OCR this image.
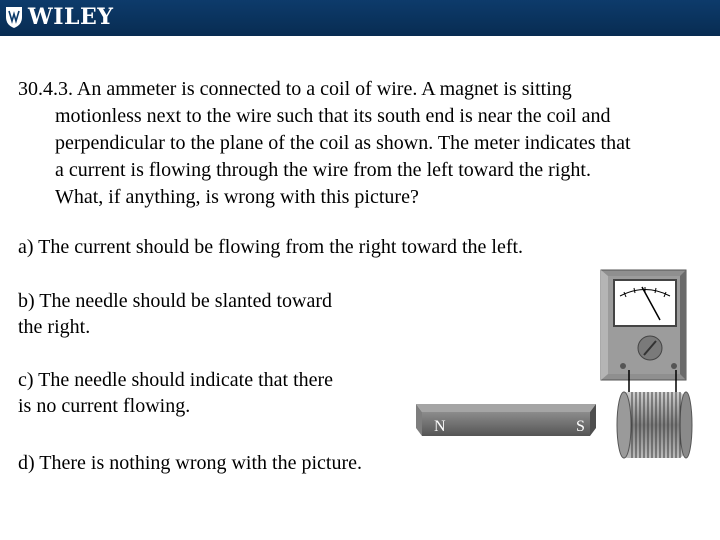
WILEY
30.4.3. An ammeter is connected to a coil of wire. A magnet is sitting
motionless next to the wire such that its south end is near the coil and
perpendicular to the plane of the coil as shown. The meter indicates that
a current is flowing through the wire from the left toward the right.
What, if anything, is wrong with this picture?
a) The current should be flowing from the right toward the left.
b) The needle should be slanted toward the right.
c) The needle should indicate that there is no current flowing.
d) There is nothing wrong with the picture.
N	S
